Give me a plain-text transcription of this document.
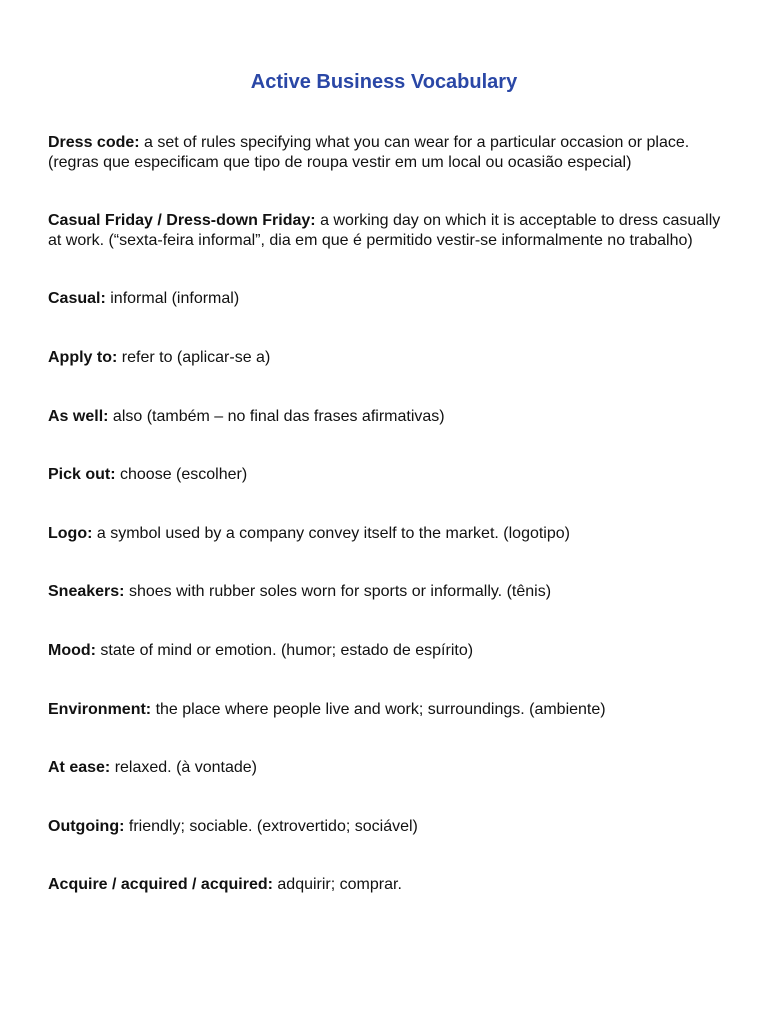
Active Business Vocabulary

Dress code: a set of rules specifying what you can wear for a particular occasion or place. (regras que especificam que tipo de roupa vestir em um local ou ocasião especial)

Casual Friday / Dress-down Friday: a working day on which it is acceptable to dress casually at work. (“sexta-feira informal”, dia em que é permitido vestir-se informalmente no trabalho)

Casual: informal (informal)

Apply to: refer to (aplicar-se a)

As well: also (também – no final das frases afirmativas)

Pick out: choose (escolher)

Logo: a symbol used by a company convey itself to the market. (logotipo)

Sneakers: shoes with rubber soles worn for sports or informally. (tênis)

Mood: state of mind or emotion. (humor; estado de espírito)

Environment: the place where people live and work; surroundings. (ambiente)

At ease: relaxed. (à vontade)

Outgoing: friendly; sociable. (extrovertido; sociável)

Acquire / acquired / acquired: adquirir; comprar.
